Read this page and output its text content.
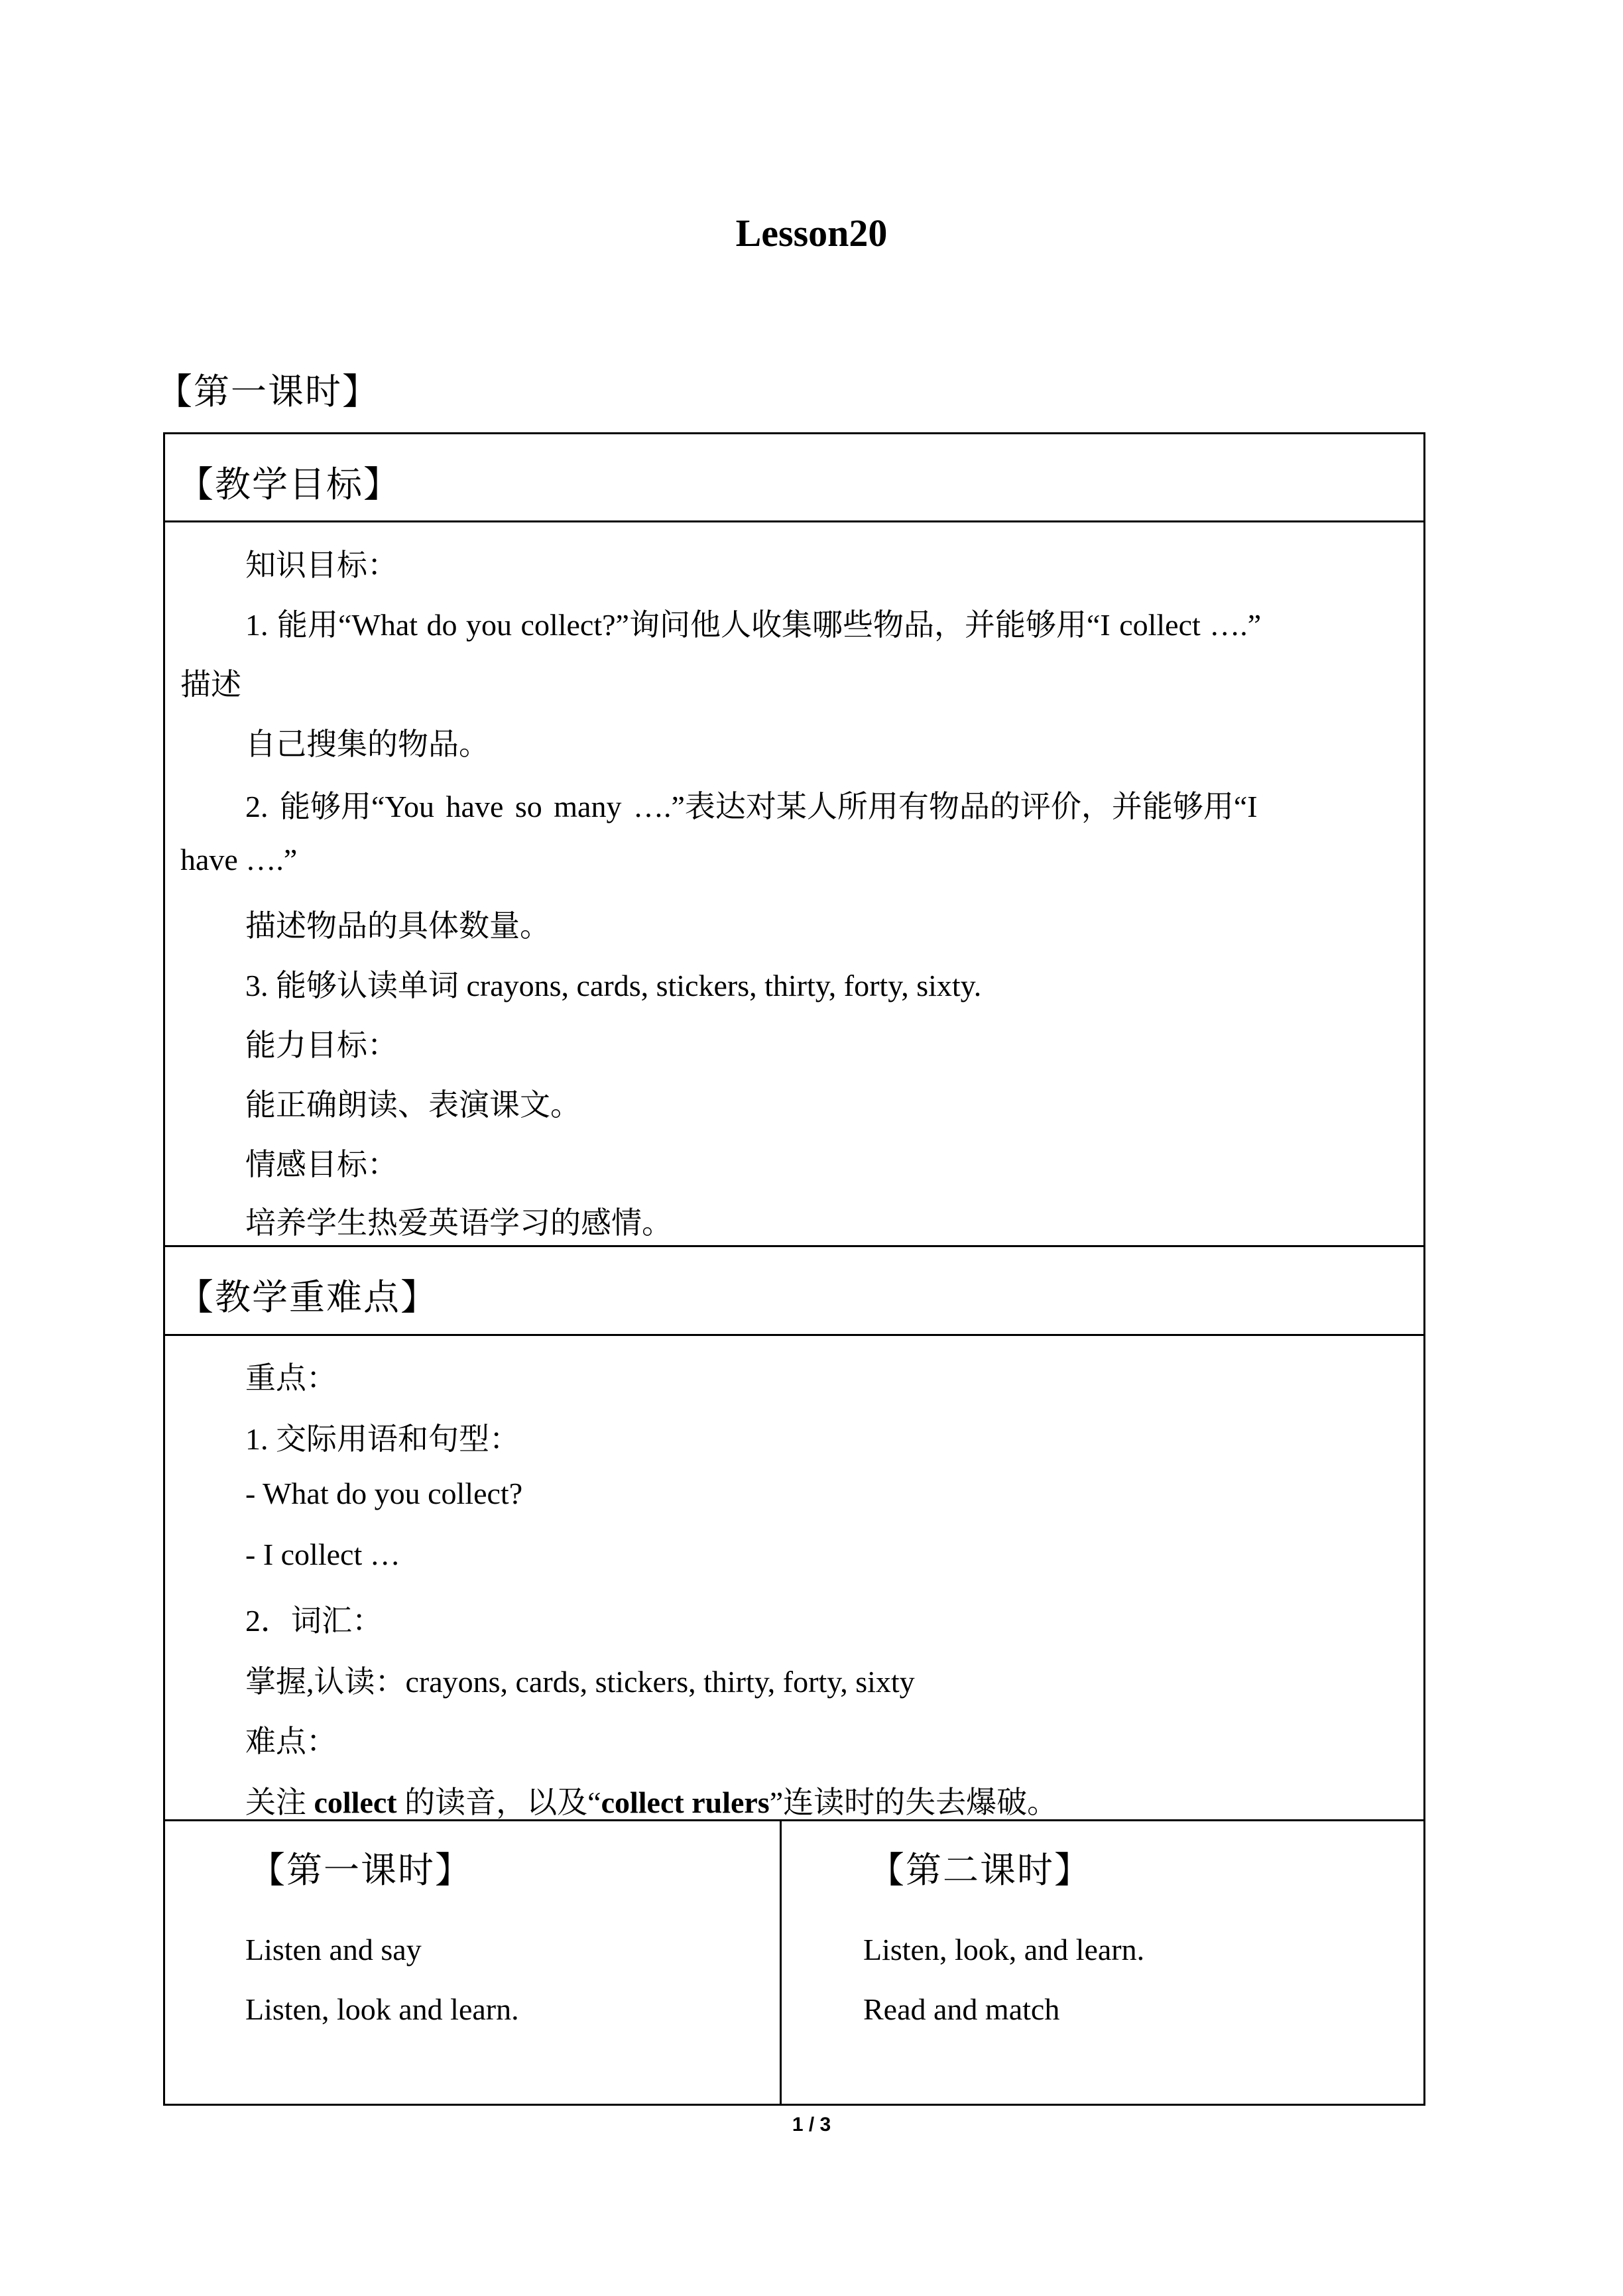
Lesson20
【第一课时】
【教学目标】
知识目标：
1. 能用“What do you collect?”询问他人收集哪些物品，并能够用“I collect ….”
描述
自己搜集的物品。
2. 能够用“You have so many ….”表达对某人所用有物品的评价，并能够用“I
have ….”
描述物品的具体数量。
3. 能够认读单词 crayons, cards, stickers, thirty, forty, sixty.
能力目标：
能正确朗读、表演课文。
情感目标：
培养学生热爱英语学习的感情。
【教学重难点】
重点：
1. 交际用语和句型：
- What do you collect?
- I collect …
2．词汇：
掌握,认读：crayons, cards, stickers, thirty, forty, sixty
难点：
关注 collect 的读音，以及“collect rulers”连读时的失去爆破。
【第一课时】
Listen and say
Listen, look and learn.
【第二课时】
Listen, look, and learn.
Read and match
1 / 3
